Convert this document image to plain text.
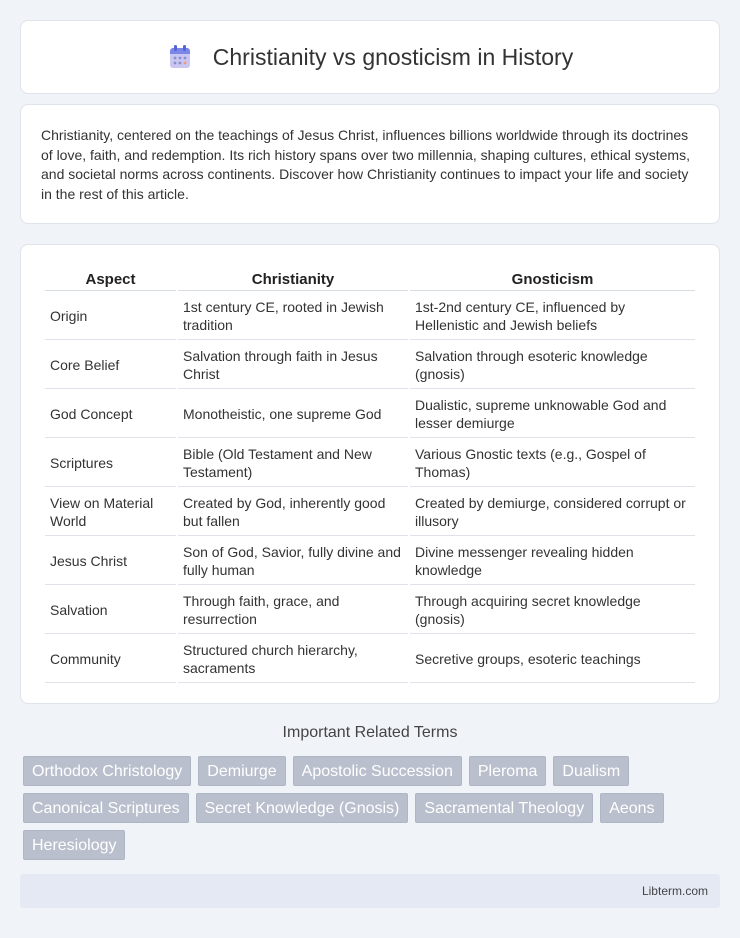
Christianity vs gnosticism in History

Christianity, centered on the teachings of Jesus Christ, influences billions worldwide through its doctrines of love, faith, and redemption. Its rich history spans over two millennia, shaping cultures, ethical systems, and societal norms across continents. Discover how Christianity continues to impact your life and society in the rest of this article.

Aspect	Christianity	Gnosticism
Origin	1st century CE, rooted in Jewish tradition	1st-2nd century CE, influenced by Hellenistic and Jewish beliefs
Core Belief	Salvation through faith in Jesus Christ	Salvation through esoteric knowledge (gnosis)
God Concept	Monotheistic, one supreme God	Dualistic, supreme unknowable God and lesser demiurge
Scriptures	Bible (Old Testament and New Testament)	Various Gnostic texts (e.g., Gospel of Thomas)
View on Material World	Created by God, inherently good but fallen	Created by demiurge, considered corrupt or illusory
Jesus Christ	Son of God, Savior, fully divine and fully human	Divine messenger revealing hidden knowledge
Salvation	Through faith, grace, and resurrection	Through acquiring secret knowledge (gnosis)
Community	Structured church hierarchy, sacraments	Secretive groups, esoteric teachings
Important Related Terms
Orthodox Christology	Demiurge	Apostolic Succession	Pleroma	Dualism
Canonical Scriptures	Secret Knowledge (Gnosis)	Sacramental Theology	Aeons
Heresiology
Libterm.com
